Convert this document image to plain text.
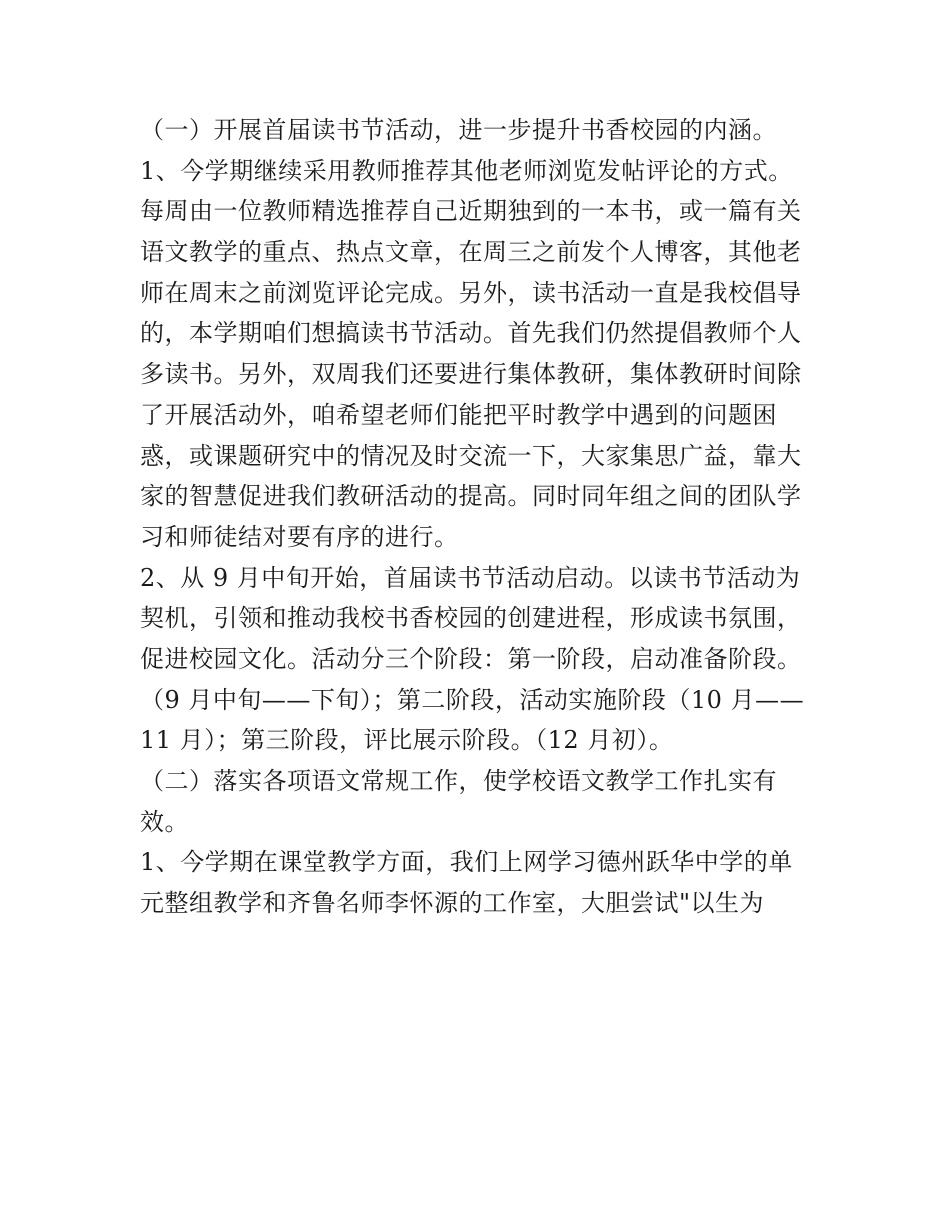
（一）开展首届读书节活动，进一步提升书香校园的内涵。
1、今学期继续采用教师推荐其他老师浏览发帖评论的方式。
每周由一位教师精选推荐自己近期独到的一本书，或一篇有关
语文教学的重点、热点文章，在周三之前发个人博客，其他老
师在周末之前浏览评论完成。另外，读书活动一直是我校倡导
的，本学期咱们想搞读书节活动。首先我们仍然提倡教师个人
多读书。另外，双周我们还要进行集体教研，集体教研时间除
了开展活动外，咱希望老师们能把平时教学中遇到的问题困
惑，或课题研究中的情况及时交流一下，大家集思广益，靠大
家的智慧促进我们教研活动的提高。同时同年组之间的团队学
习和师徒结对要有序的进行。
2、从 9 月中旬开始，首届读书节活动启动。以读书节活动为
契机，引领和推动我校书香校园的创建进程，形成读书氛围，
促进校园文化。活动分三个阶段：第一阶段，启动准备阶段。
（9 月中旬——下旬）；第二阶段，活动实施阶段（10 月——
11 月）；第三阶段，评比展示阶段。（12 月初）。
（二）落实各项语文常规工作，使学校语文教学工作扎实有
效。
1、今学期在课堂教学方面，我们上网学习德州跃华中学的单
元整组教学和齐鲁名师李怀源的工作室，大胆尝试"以生为
